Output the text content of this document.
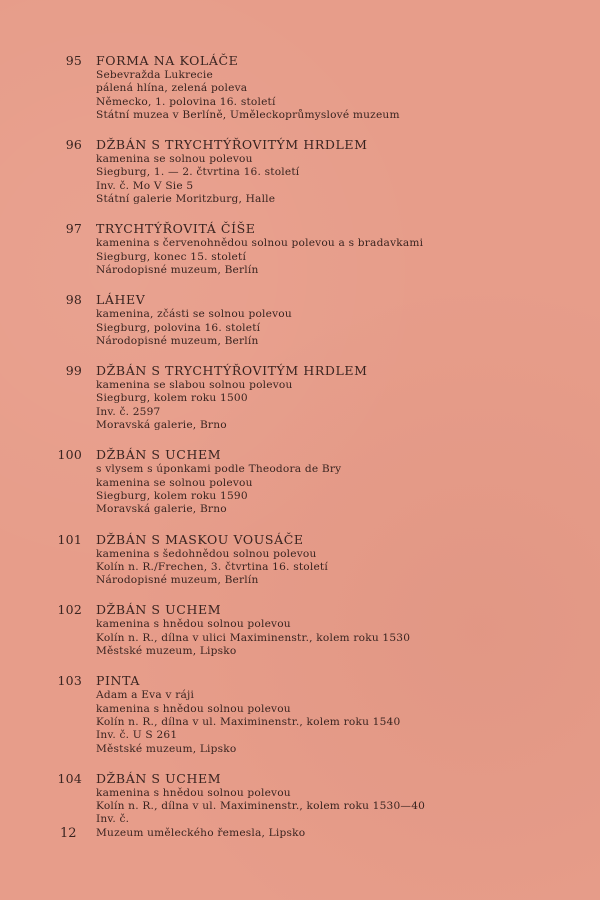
95 FORMA NA KOLÁČE
Sebevražda Lukrecie
pálená hlína, zelená poleva
Německo, 1. polovina 16. století
Státní muzea v Berlíně, Uměleckoprůmyslové muzeum
96 DŽBÁN S TRYCHTÝŘOVITÝM HRDLEM
kamenina se solnou polevou
Siegburg, 1. — 2. čtvrtina 16. století
Inv. č. Mo V Sie 5
Státní galerie Moritzburg, Halle
97 TRYCHTÝŘOVITÁ ČÍŠE
kamenina s červenohnědou solnou polevou a s bradavkami
Siegburg, konec 15. století
Národopisné muzeum, Berlín
98 LÁHEV
kamenina, zčásti se solnou polevou
Siegburg, polovina 16. století
Národopisné muzeum, Berlín
99 DŽBÁN S TRYCHTÝŘOVITÝM HRDLEM
kamenina se slabou solnou polevou
Siegburg, kolem roku 1500
Inv. č. 2597
Moravská galerie, Brno
100 DŽBÁN S UCHEM
s vlysem s úponkami podle Theodora de Bry
kamenina se solnou polevou
Siegburg, kolem roku 1590
Moravská galerie, Brno
101 DŽBÁN S MASKOU VOUSÁČE
kamenina s šedohnědou solnou polevou
Kolín n. R./Frechen, 3. čtvrtina 16. století
Národopisné muzeum, Berlín
102 DŽBÁN S UCHEM
kamenina s hnědou solnou polevou
Kolín n. R., dílna v ulici Maximinenstr., kolem roku 1530
Městské muzeum, Lipsko
103 PINTA
Adam a Eva v ráji
kamenina s hnědou solnou polevou
Kolín n. R., dílna v ul. Maximinenstr., kolem roku 1540
Inv. č. U S 261
Městské muzeum, Lipsko
104 DŽBÁN S UCHEM
kamenina s hnědou solnou polevou
Kolín n. R., dílna v ul. Maximinenstr., kolem roku 1530—40
Inv. č.
Muzeum uměleckého řemesla, Lipsko
12
